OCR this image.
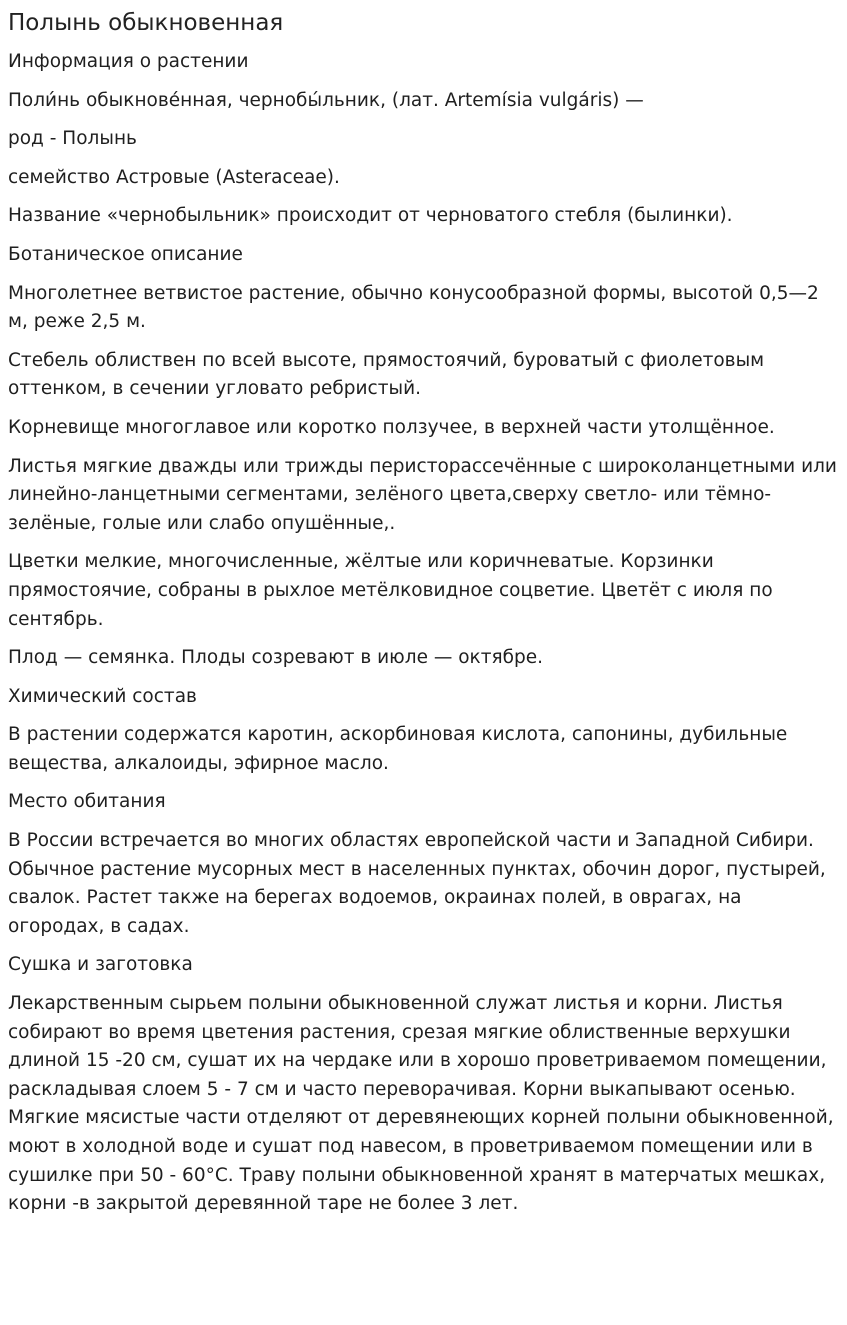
Полынь обыкновенная

Информация о растении

Поли́нь обыкнове́нная, чернобы́льник, (лат. Artemísia vulgáris) —

род - Полынь

семейство Астровые (Asteraceae).

Название «чернобыльник» происходит от черноватого стебля (былинки).

Ботаническое описание

Многолетнее ветвистое растение, обычно конусообразной формы, высотой 0,5—2 м, реже 2,5 м.

Стебель облиствен по всей высоте, прямостоячий, буроватый с фиолетовым оттенком, в сечении угловато ребристый.

Корневище многоглавое или коротко ползучее, в верхней части утолщённое.

Листья мягкие дважды или трижды перисторассечённые с широколанцетными или линейно-ланцетными сегментами, зелёного цвета,сверху светло- или тёмно-зелёные, голые или слабо опушённые,.

Цветки мелкие, многочисленные, жёлтые или коричневатые. Корзинки прямостоячие, собраны в рыхлое метёлковидное соцветие. Цветёт с июля по сентябрь.

Плод — семянка. Плоды созревают в июле — октябре.

Химический состав

В растении содержатся каротин, аскорбиновая кислота, сапонины, дубильные вещества, алкалоиды, эфирное масло.

Место обитания

В России встречается во многих областях европейской части и Западной Сибири. Обычное растение мусорных мест в населенных пунктах, обочин дорог, пустырей, свалок. Растет также на берегах водоемов, окраинах полей, в оврагах, на огородах, в садах.

Сушка и заготовка

Лекарственным сырьем полыни обыкновенной служат листья и корни. Листья собирают во время цветения растения, срезая мягкие облиственные верхушки длиной 15 -20 см, сушат их на чердаке или в хорошо проветриваемом помещении, раскладывая слоем 5 - 7 см и часто переворачивая. Корни выкапывают осенью. Мягкие мясистые части отделяют от деревянеющих корней полыни обыкновенной, моют в холодной воде и сушат под навесом, в проветриваемом помещении или в сушилке при 50 - 60°С. Траву полыни обыкновенной хранят в матерчатых мешках, корни -в закрытой деревянной таре не более 3 лет.
